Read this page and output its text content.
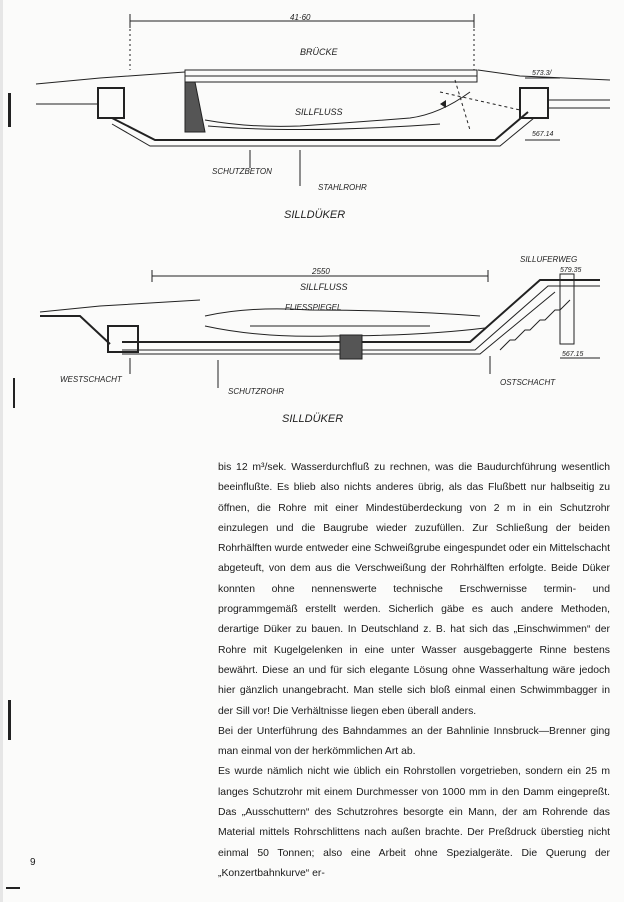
41·60
BRÜCKE
SILLFLUSS
573.3/
567.14
SCHUTZBETON
STAHLROHR
SILLDÜKER
2550
SILLUFERWEG
579.35
SILLFLUSS
FLIESSPIEGEL
567.15
WESTSCHACHT
SCHUTZROHR
OSTSCHACHT
SILLDÜKER

bis 12 m³/sek. Wasserdurchfluß zu rechnen, was die Baudurchführung wesentlich beeinflußte. Es blieb also nichts anderes übrig, als das Flußbett nur halbseitig zu öffnen, die Rohre mit einer Mindestüberdeckung von 2 m in ein Schutzrohr einzulegen und die Baugrube wieder zuzufüllen. Zur Schließung der beiden Rohrhälften wurde entweder eine Schweißgrube eingespundet oder ein Mittelschacht abgeteuft, von dem aus die Verschweißung der Rohrhälften erfolgte. Beide Düker konnten ohne nennenswerte technische Erschwernisse termin- und programmgemäß erstellt werden. Sicherlich gäbe es auch andere Methoden, derartige Düker zu bauen. In Deutschland z. B. hat sich das „Einschwimmen“ der Rohre mit Kugelgelenken in eine unter Wasser ausgebaggerte Rinne bestens bewährt. Diese an und für sich elegante Lösung ohne Wasserhaltung wäre jedoch hier gänzlich unangebracht. Man stelle sich bloß einmal einen Schwimmbagger in der Sill vor! Die Verhältnisse liegen eben überall anders.

Bei der Unterführung des Bahndammes an der Bahnlinie Innsbruck—Brenner ging man einmal von der herkömmlichen Art ab.

Es wurde nämlich nicht wie üblich ein Rohrstollen vorgetrieben, sondern ein 25 m langes Schutzrohr mit einem Durchmesser von 1000 mm in den Damm eingepreßt. Das „Ausschuttern“ des Schutzrohres besorgte ein Mann, der am Rohrende das Material mittels Rohrschlittens nach außen brachte. Der Preßdruck überstieg nicht einmal 50 Tonnen; also eine Arbeit ohne Spezialgeräte. Die Querung der „Konzertbahnkurve“ er-

9
